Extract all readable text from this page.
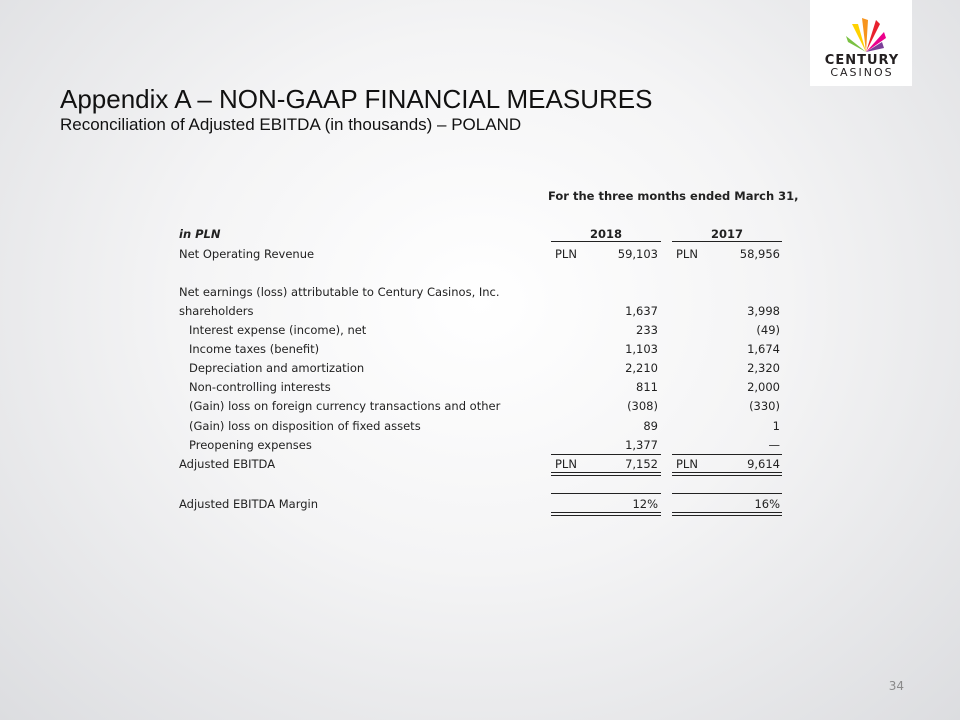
CENTURY
CASINOS
Appendix A – NON-GAAP FINANCIAL MEASURES
Reconciliation of Adjusted EBITDA (in thousands) – POLAND
For the three months ended March 31,
in PLN	2018	2017
Net Operating Revenue	PLN	59,103 PLN	58,956
Net earnings (loss) attributable to Century Casinos, Inc.
shareholders	1,637	3,998
Interest expense (income), net	233	(49)
Income taxes (benefit)	1,103	1,674
Depreciation and amortization	2,210	2,320
Non-controlling interests	811	2,000
(Gain) loss on foreign currency transactions and other	(308)	(330)
(Gain) loss on disposition of fixed assets	89	1
Preopening expenses	1,377	—
Adjusted EBITDA	PLN	7,152 PLN	9,614
Adjusted EBITDA Margin	12%	16%
34
